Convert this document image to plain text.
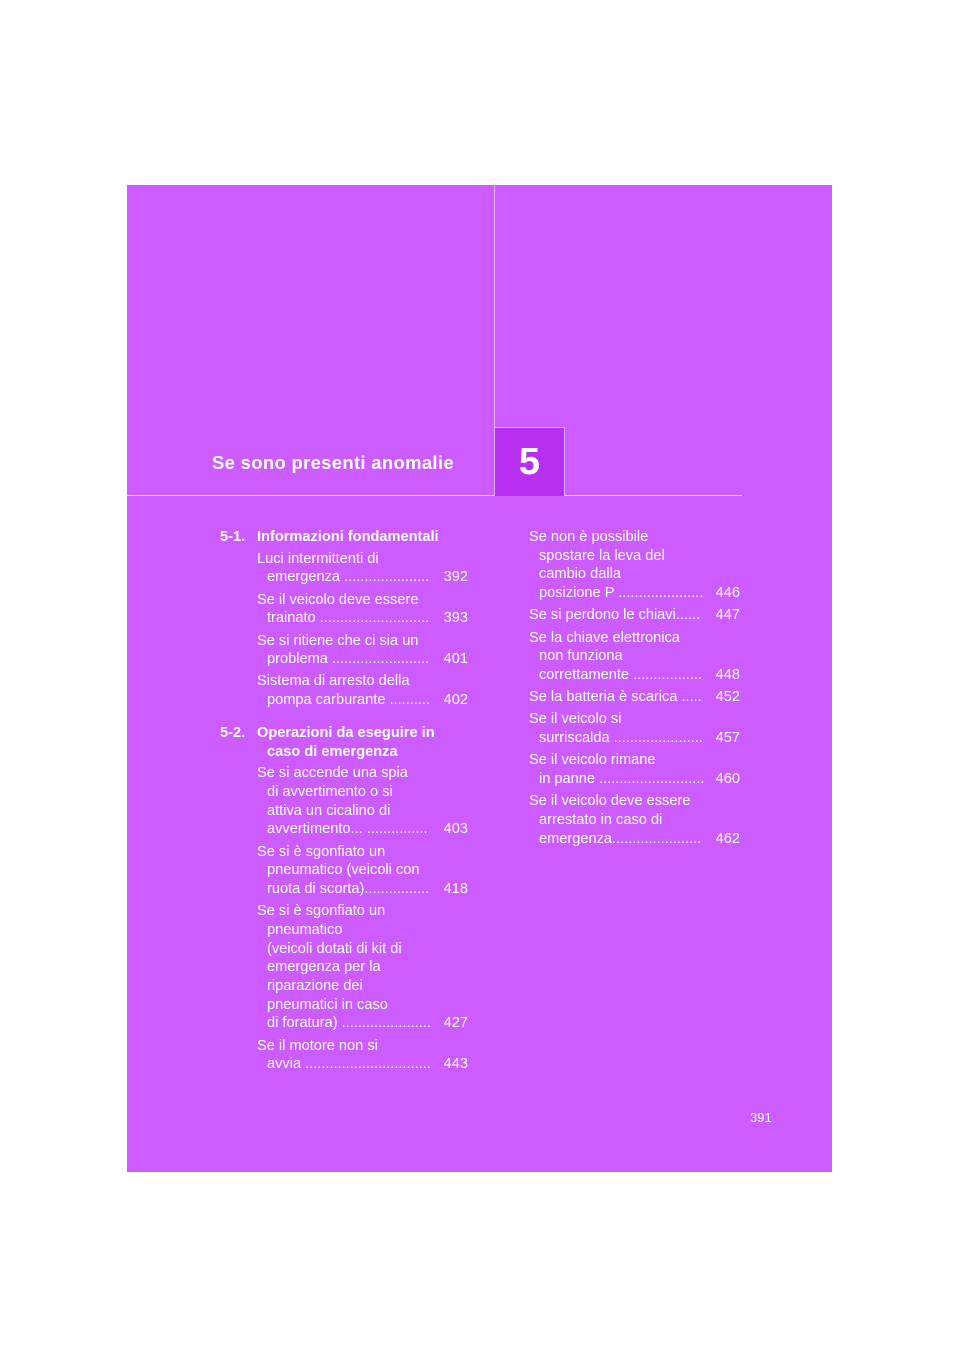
Se sono presenti anomalie 5
5-1. Informazioni fondamentali
Luci intermittenti di
emergenza ..................... 392
Se il veicolo deve essere
trainato ........................... 393
Se si ritiene che ci sia un
problema ........................ 401
Sistema di arresto della
pompa carburante .......... 402
5-2. Operazioni da eseguire in caso di emergenza
Se si accende una spia
di avvertimento o si
attiva un cicalino di
avvertimento... ...............	403
Se si è sgonfiato un
pneumatico (veicoli con
ruota di scorta)................ 418
Se si è sgonfiato un
pneumatico
(veicoli dotati di kit di
emergenza per la
riparazione dei
pneumatici in caso
di foratura) ...................... 427
Se il motore non si
avvia ............................... 443
Se non è possibile
spostare la leva del
cambio dalla
posizione P ..................... 446
Se si perdono le chiavi......	447
Se la chiave elettronica
non funziona
correttamente ................. 448
Se la batteria è scarica ..... 452
Se il veicolo si
surriscalda ...................... 457
Se il veicolo rimane
in panne .......................... 460
Se il veicolo deve essere
arrestato in caso di
emergenza...................... 462
391
